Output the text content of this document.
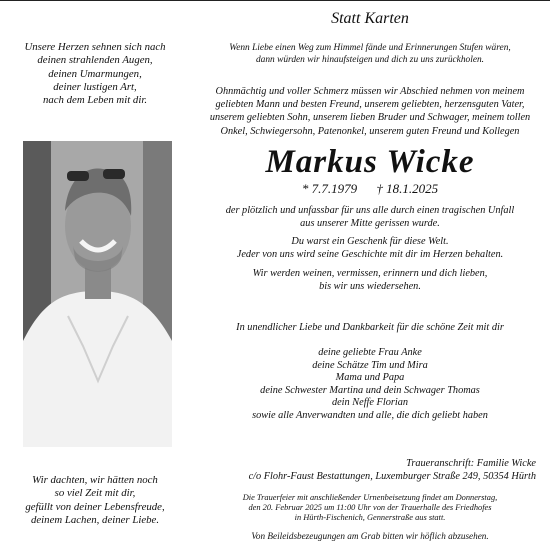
Unsere Herzen sehnen sich nach
deinen strahlenden Augen,
deinen Umarmungen,
deiner lustigen Art,
nach dem Leben mit dir.
Wir dachten, wir hätten noch
so viel Zeit mit dir,
gefüllt von deiner Lebensfreude,
deinem Lachen, deiner Liebe.
Statt Karten
Wenn Liebe einen Weg zum Himmel fände und Erinnerungen Stufen wären,
dann würden wir hinaufsteigen und dich zu uns zurückholen.
Ohnmächtig und voller Schmerz müssen wir Abschied nehmen von meinem
geliebten Mann und besten Freund, unserem geliebten, herzensguten Vater,
unserem geliebten Sohn, unserem lieben Bruder und Schwager, meinem tollen
Onkel, Schwiegersohn, Patenonkel, unserem guten Freund und Kollegen
Markus Wicke
* 7.7.1979 † 18.1.2025
der plötzlich und unfassbar für uns alle durch einen tragischen Unfall
aus unserer Mitte gerissen wurde.
Du warst ein Geschenk für diese Welt.
Jeder von uns wird seine Geschichte mit dir im Herzen behalten.
Wir werden weinen, vermissen, erinnern und dich lieben,
bis wir uns wiedersehen.
In unendlicher Liebe und Dankbarkeit für die schöne Zeit mit dir
deine geliebte Frau Anke
deine Schätze Tim und Mira
Mama und Papa
deine Schwester Martina und dein Schwager Thomas
dein Neffe Florian
sowie alle Anverwandten und alle, die dich geliebt haben
Traueranschrift: Familie Wicke
c/o Flohr-Faust Bestattungen, Luxemburger Straße 249, 50354 Hürth
Die Trauerfeier mit anschließender Urnenbeisetzung findet am Donnerstag,
den 20. Februar 2025 um 11:00 Uhr von der Trauerhalle des Friedhofes
in Hürth-Fischenich, Gennerstraße aus statt.
Von Beileidsbezeugungen am Grab bitten wir höflich abzusehen.
